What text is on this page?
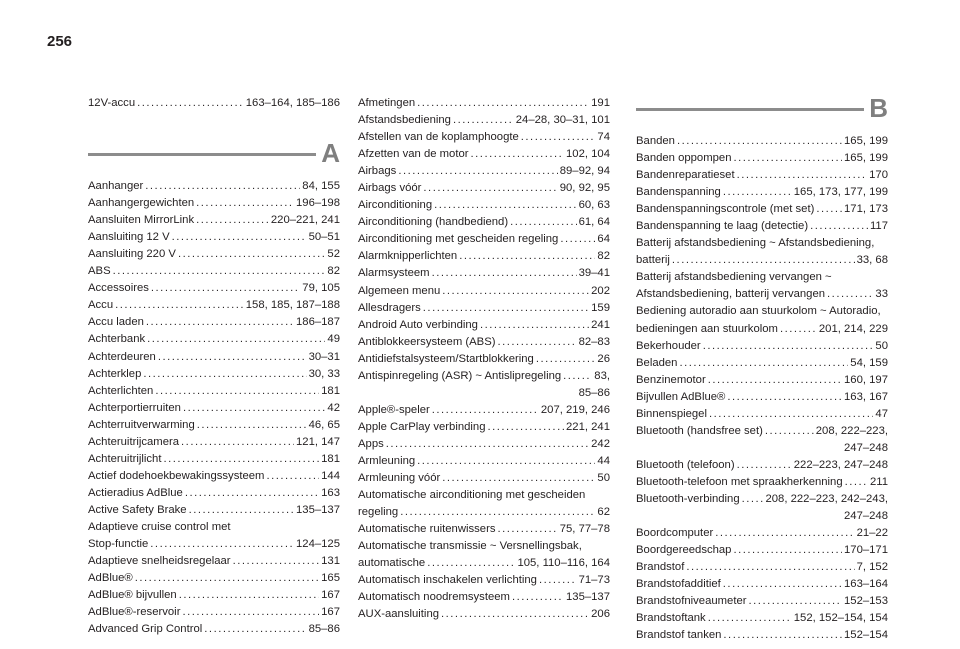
256
12V-accu .....	163–164, 185–186
A
Aanhanger .....	84, 155
Aanhangergewichten .....	196–198
Aansluiten MirrorLink .....	220–221, 241
Aansluiting 12 V .....	50–51
Aansluiting 220 V .....	52
ABS .....	82
Accessoires .....	79, 105
Accu .....	158, 185, 187–188
Accu laden .....	186–187
Achterbank .....	49
Achterdeuren .....	30–31
Achterklep .....	30, 33
Achterlichten .....	181
Achterportierruiten .....	42
Achterruitverwarming .....	46, 65
Achteruitrijcamera .....	121, 147
Achteruitrijlicht .....	181
Actief dodehoekbewakingssysteem .....	144
Actieradius AdBlue .....	163
Active Safety Brake .....	135–137
Adaptieve cruise control met
Stop-functie .....	124–125
Adaptieve snelheidsregelaar .....	131
AdBlue® .....	165
AdBlue® bijvullen .....	167
AdBlue®-reservoir .....	167
Advanced Grip Control .....	85–86
Afmetingen .....	191
Afstandsbediening .....	24–28, 30–31, 101
Afstellen van de koplamphoogte .....	74
Afzetten van de motor .....	102, 104
Airbags .....	89–92, 94
Airbags vóór .....	90, 92, 95
Airconditioning .....	60, 63
Airconditioning (handbediend) .....	61, 64
Airconditioning met gescheiden regeling .....	64
Alarmknipperlichten .....	82
Alarmsysteem .....	39–41
Algemeen menu .....	202
Allesdragers .....	159
Android Auto verbinding .....	241
Antiblokkeersysteem (ABS) .....	82–83
Antidiefstalsysteem/Startblokkering .....	26
Antispinregeling (ASR) ~ Antislipregeling .....	83,
85–86
Apple®-speler .....	207, 219, 246
Apple CarPlay verbinding .....	221, 241
Apps .....	242
Armleuning .....	44
Armleuning vóór .....	50
Automatische airconditioning met gescheiden
regeling .....	62
Automatische ruitenwissers .....	75, 77–78
Automatische transmissie ~ Versnellingsbak,
automatische .....	105, 110–116, 164
Automatisch inschakelen verlichting .....	71–73
Automatisch noodremsysteem .....	135–137
AUX-aansluiting .....	206
B
Banden .....	165, 199
Banden oppompen .....	165, 199
Bandenreparatieset .....	170
Bandenspanning .....	165, 173, 177, 199
Bandenspanningscontrole (met set) .....	171, 173
Bandenspanning te laag (detectie) .....	117
Batterij afstandsbediening ~ Afstandsbediening,
batterij .....	33, 68
Batterij afstandsbediening vervangen ~
Afstandsbediening, batterij vervangen .....	33
Bediening autoradio aan stuurkolom ~ Autoradio,
bedieningen aan stuurkolom .....	201, 214, 229
Bekerhouder .....	50
Beladen .....	54, 159
Benzinemotor .....	160, 197
Bijvullen AdBlue® .....	163, 167
Binnenspiegel .....	47
Bluetooth (handsfree set) .....	208, 222–223,
247–248
Bluetooth (telefoon) .....	222–223, 247–248
Bluetooth-telefoon met spraakherkenning ..... 211
Bluetooth-verbinding ..... 208, 222–223, 242–243,
247–248
Boordcomputer .....	21–22
Boordgereedschap .....	170–171
Brandstof .....	7, 152
Brandstofadditief .....	163–164
Brandstofniveaumeter .....	152–153
Brandstoftank .....	152, 152–154, 154
Brandstof tanken .....	152–154
